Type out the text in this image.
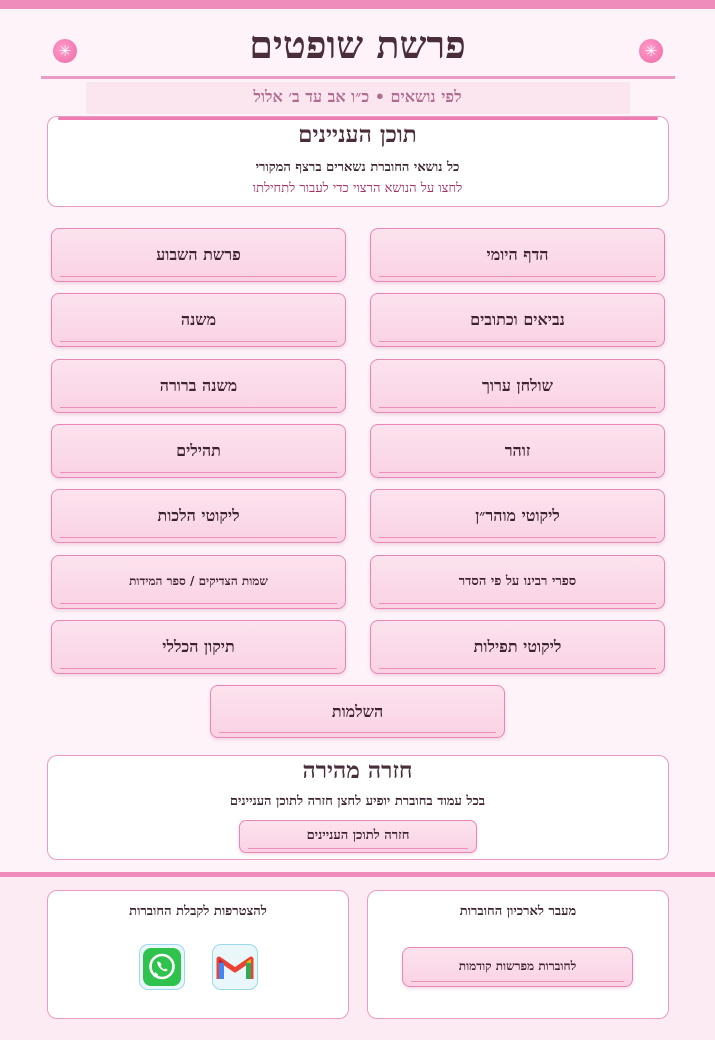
✳	✳
פרשת שופטים
לפי נושאים • כ״ו אב עד ב׳ אלול
תוכן העניינים
כל נושאי החוברת נשארים ברצף המקורי
לחצו על הנושא הרצוי כדי לעבור לתחילתו
הדף היומי
פרשת השבוע
נביאים וכתובים
משנה
שולחן ערוך
משנה ברורה
זוהר
תהילים
ליקוטי מוהר״ן
ליקוטי הלכות
ספרי רבינו על פי הסדר
שמות הצדיקים / ספר המידות
ליקוטי תפילות
תיקון הכללי
השלמות
חזרה מהירה
בכל עמוד בחוברת יופיע לחצן חזרה לתוכן העניינים
חזרה לתוכן העניינים
מעבר לארכיון החוברות
לחוברות מפרשות קודמות
להצטרפות לקבלת החוברות
